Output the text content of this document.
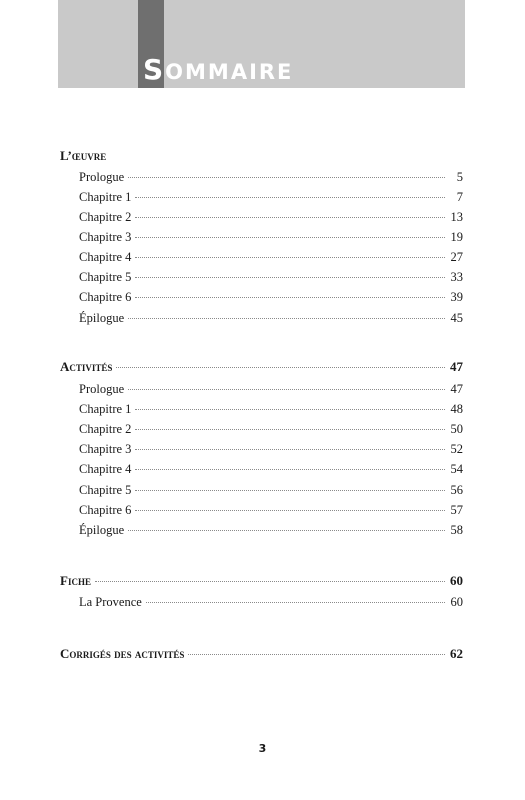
SOMMAIRE
L’œuvre
Prologue	5
Chapitre 1	7
Chapitre 2	13
Chapitre 3	19
Chapitre 4	27
Chapitre 5	33
Chapitre 6	39
Épilogue	45
Activités	47
Prologue	47
Chapitre 1	48
Chapitre 2	50
Chapitre 3	52
Chapitre 4	54
Chapitre 5	56
Chapitre 6	57
Épilogue	58
Fiche	60
La Provence	60
Corrigés des activités	62
3
